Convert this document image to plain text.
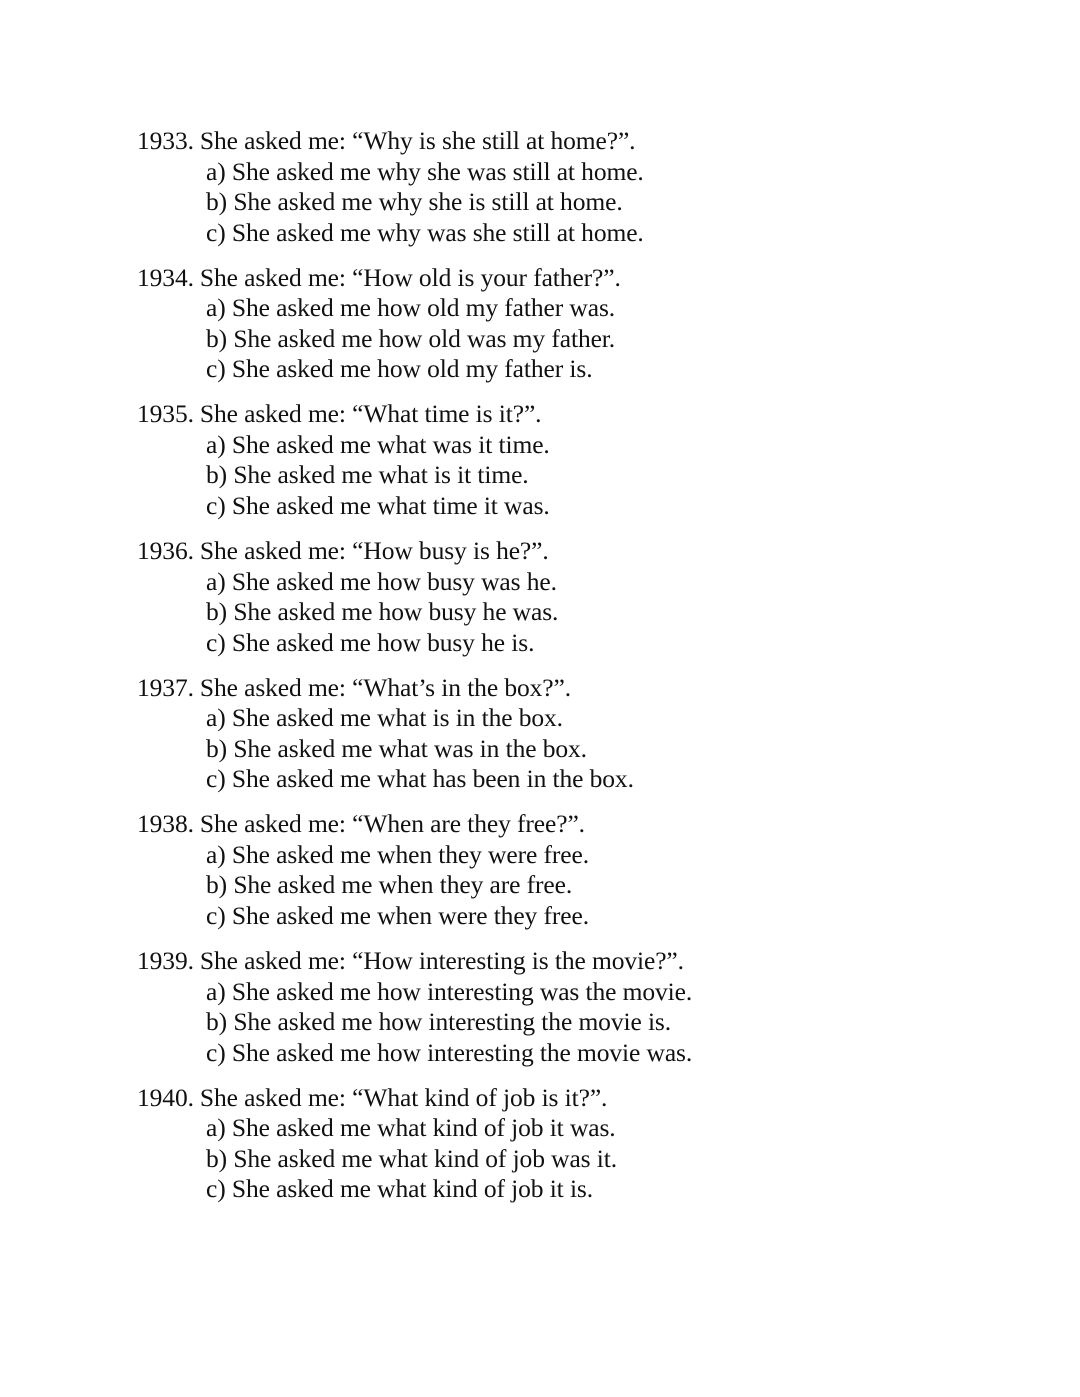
1933. She asked me: “Why is she still at home?”.
a) She asked me why she was still at home.
b) She asked me why she is still at home.
c) She asked me why was she still at home.
1934. She asked me: “How old is your father?”.
a) She asked me how old my father was.
b) She asked me how old was my father.
c) She asked me how old my father is.
1935. She asked me: “What time is it?”.
a) She asked me what was it time.
b) She asked me what is it time.
c) She asked me what time it was.
1936. She asked me: “How busy is he?”.
a) She asked me how busy was he.
b) She asked me how busy he was.
c) She asked me how busy he is.
1937. She asked me: “What’s in the box?”.
a) She asked me what is in the box.
b) She asked me what was in the box.
c) She asked me what has been in the box.
1938. She asked me: “When are they free?”.
a) She asked me when they were free.
b) She asked me when they are free.
c) She asked me when were they free.
1939. She asked me: “How interesting is the movie?”.
a) She asked me how interesting was the movie.
b) She asked me how interesting the movie is.
c) She asked me how interesting the movie was.
1940. She asked me: “What kind of job is it?”.
a) She asked me what kind of job it was.
b) She asked me what kind of job was it.
c) She asked me what kind of job it is.
